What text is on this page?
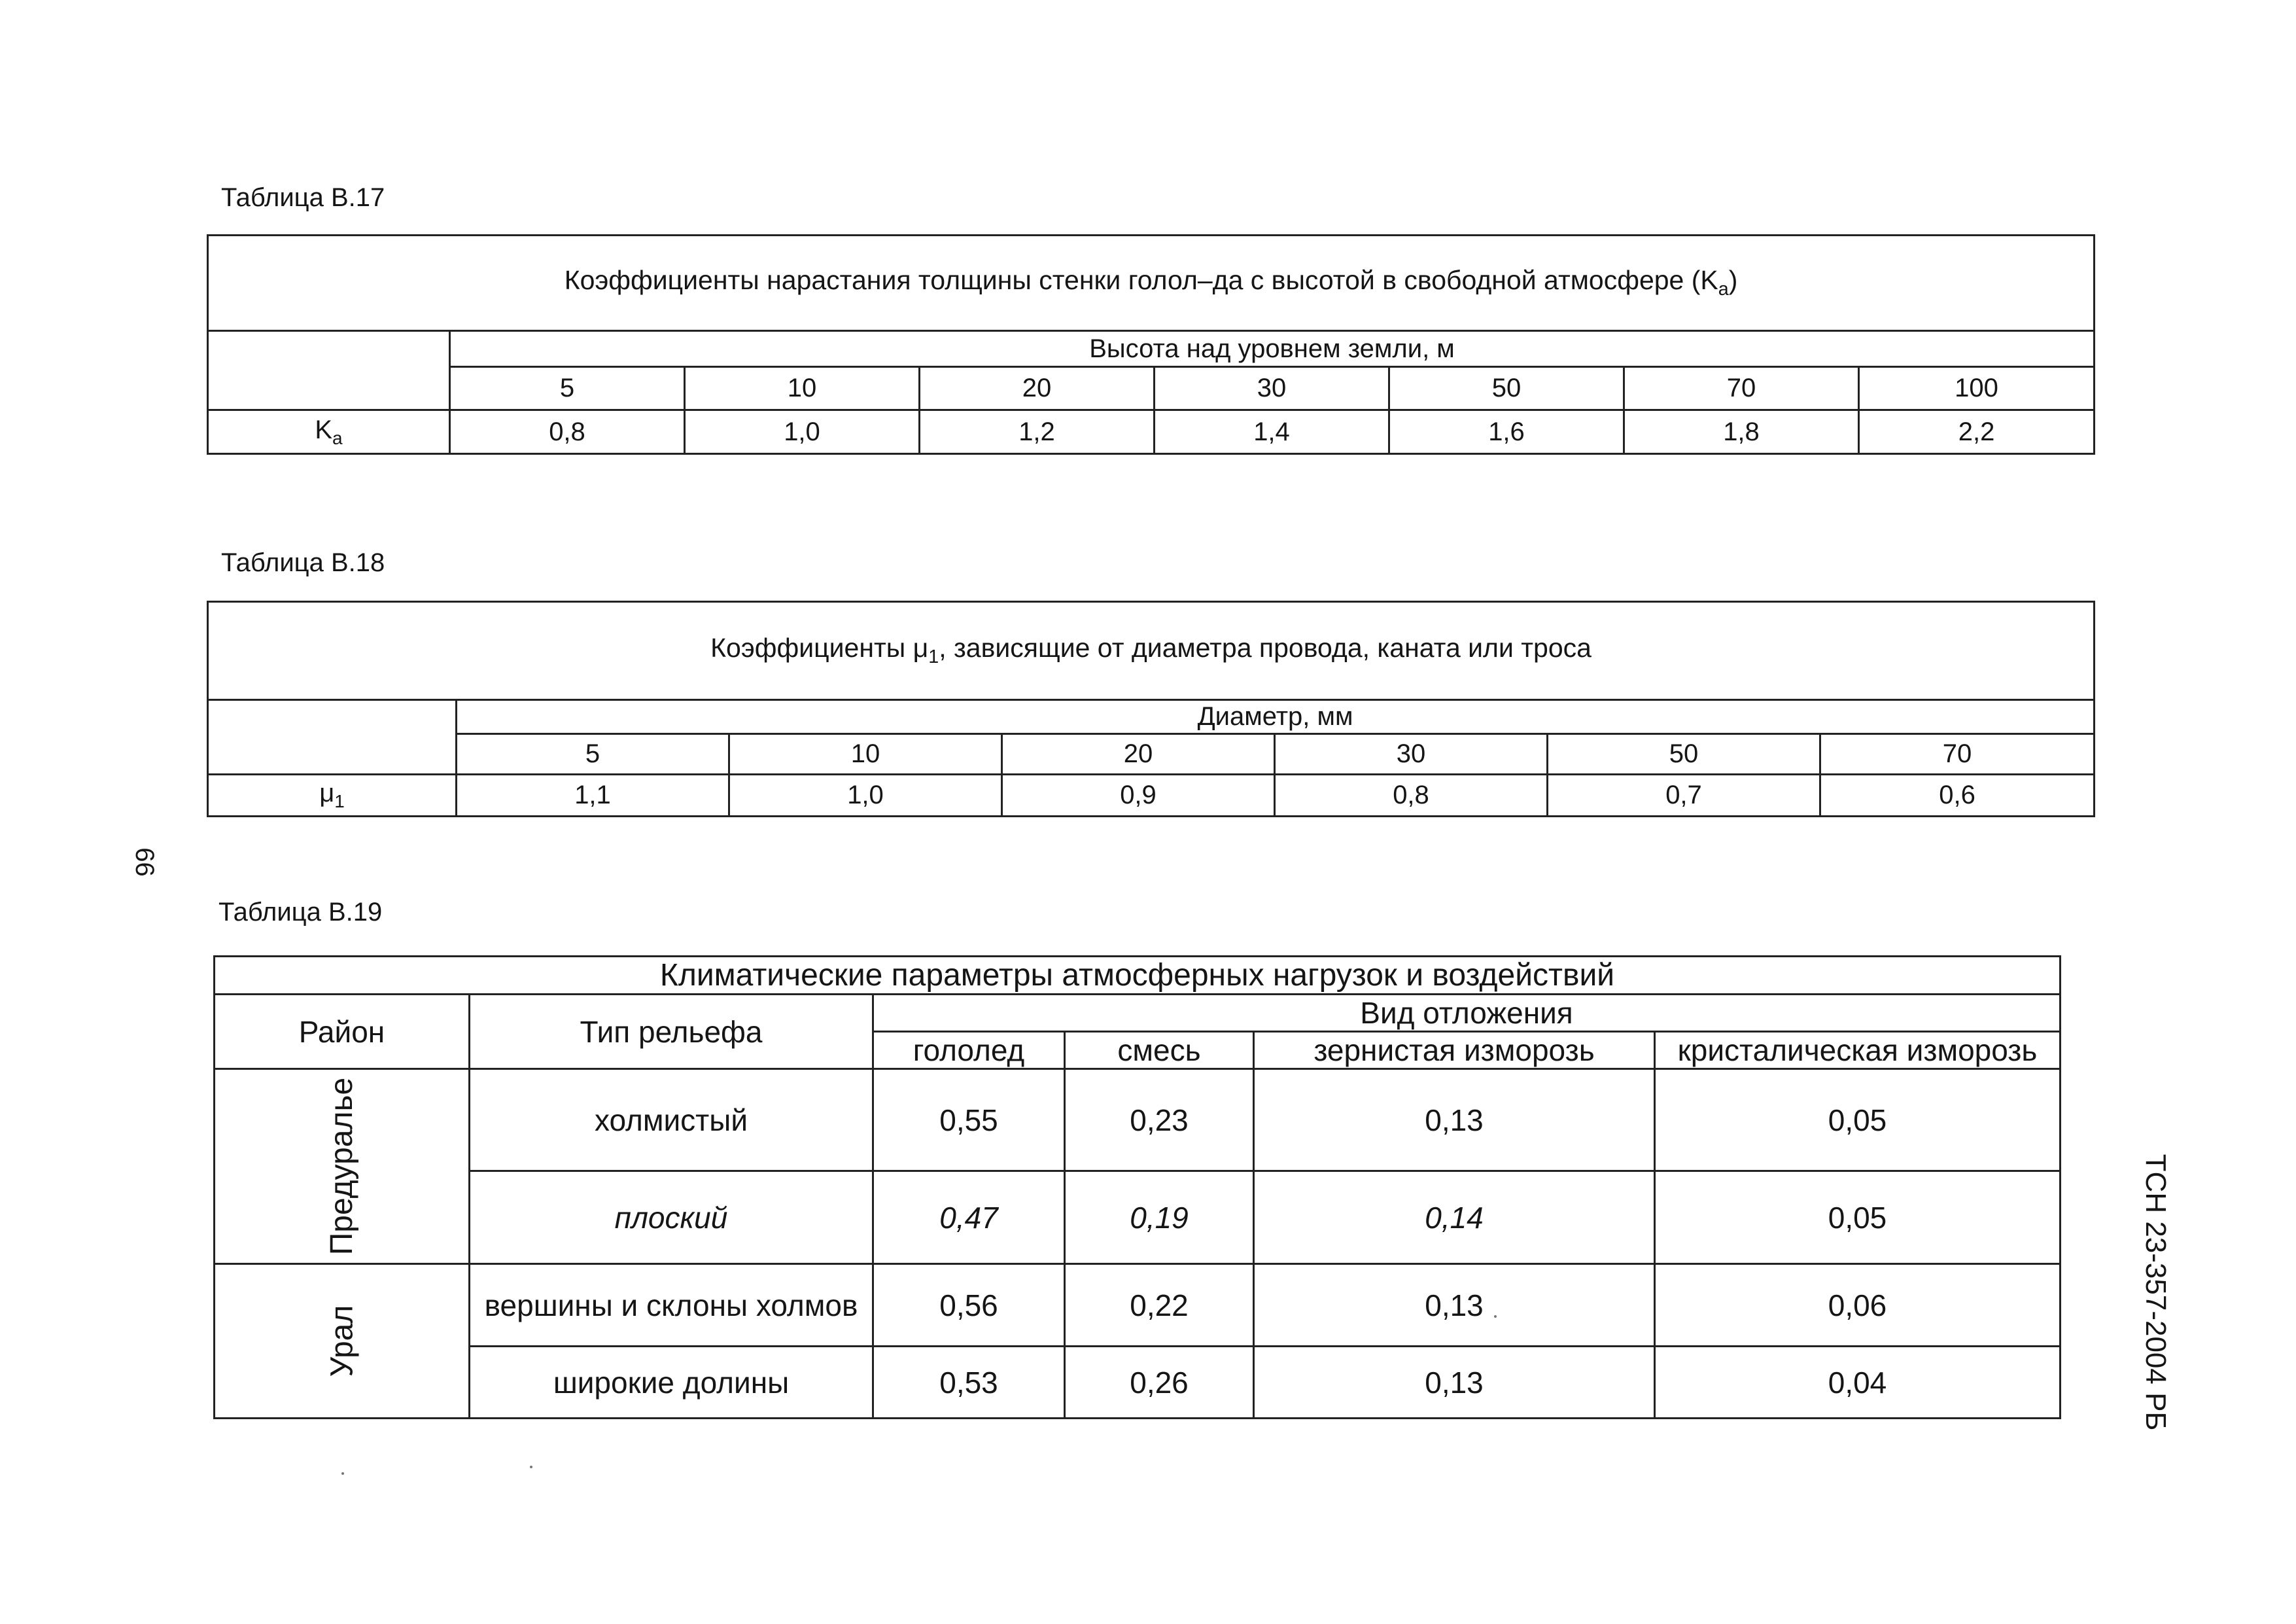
66
ТСН 23-357-2004 РБ
Таблица В.17
Коэффициенты нарастания толщины стенки голол–да с высотой в свободной атмосфере $(K_a)$							
	Высота над уровнем земли, м						
	5	10	20	30	50	70	100
$K_a$	0,8	1,0	1,2	1,4	1,6	1,8	2,2
Таблица В.18
Коэффициенты $\mu_1$, зависящие от диаметра провода, каната или троса						
	Диаметр, мм					
	5	10	20	30	50	70
$\mu_1$	1,1	1,0	0,9	0,8	0,7	0,6
Таблица В.19
Климатические параметры атмосферных нагрузок и воздействий					
Район	Тип рельефа	Вид отложения			
		гололед	смесь	зернистая изморозь	кристалическая изморозь
Предуралье	холмистый	0,55	0,23	0,13	0,05
	плоский	0,47	0,19	0,14	0,05
Урал	вершины и склоны холмов	0,56	0,22	0,13	0,06
	широкие долины	0,53	0,26	0,13	0,04
